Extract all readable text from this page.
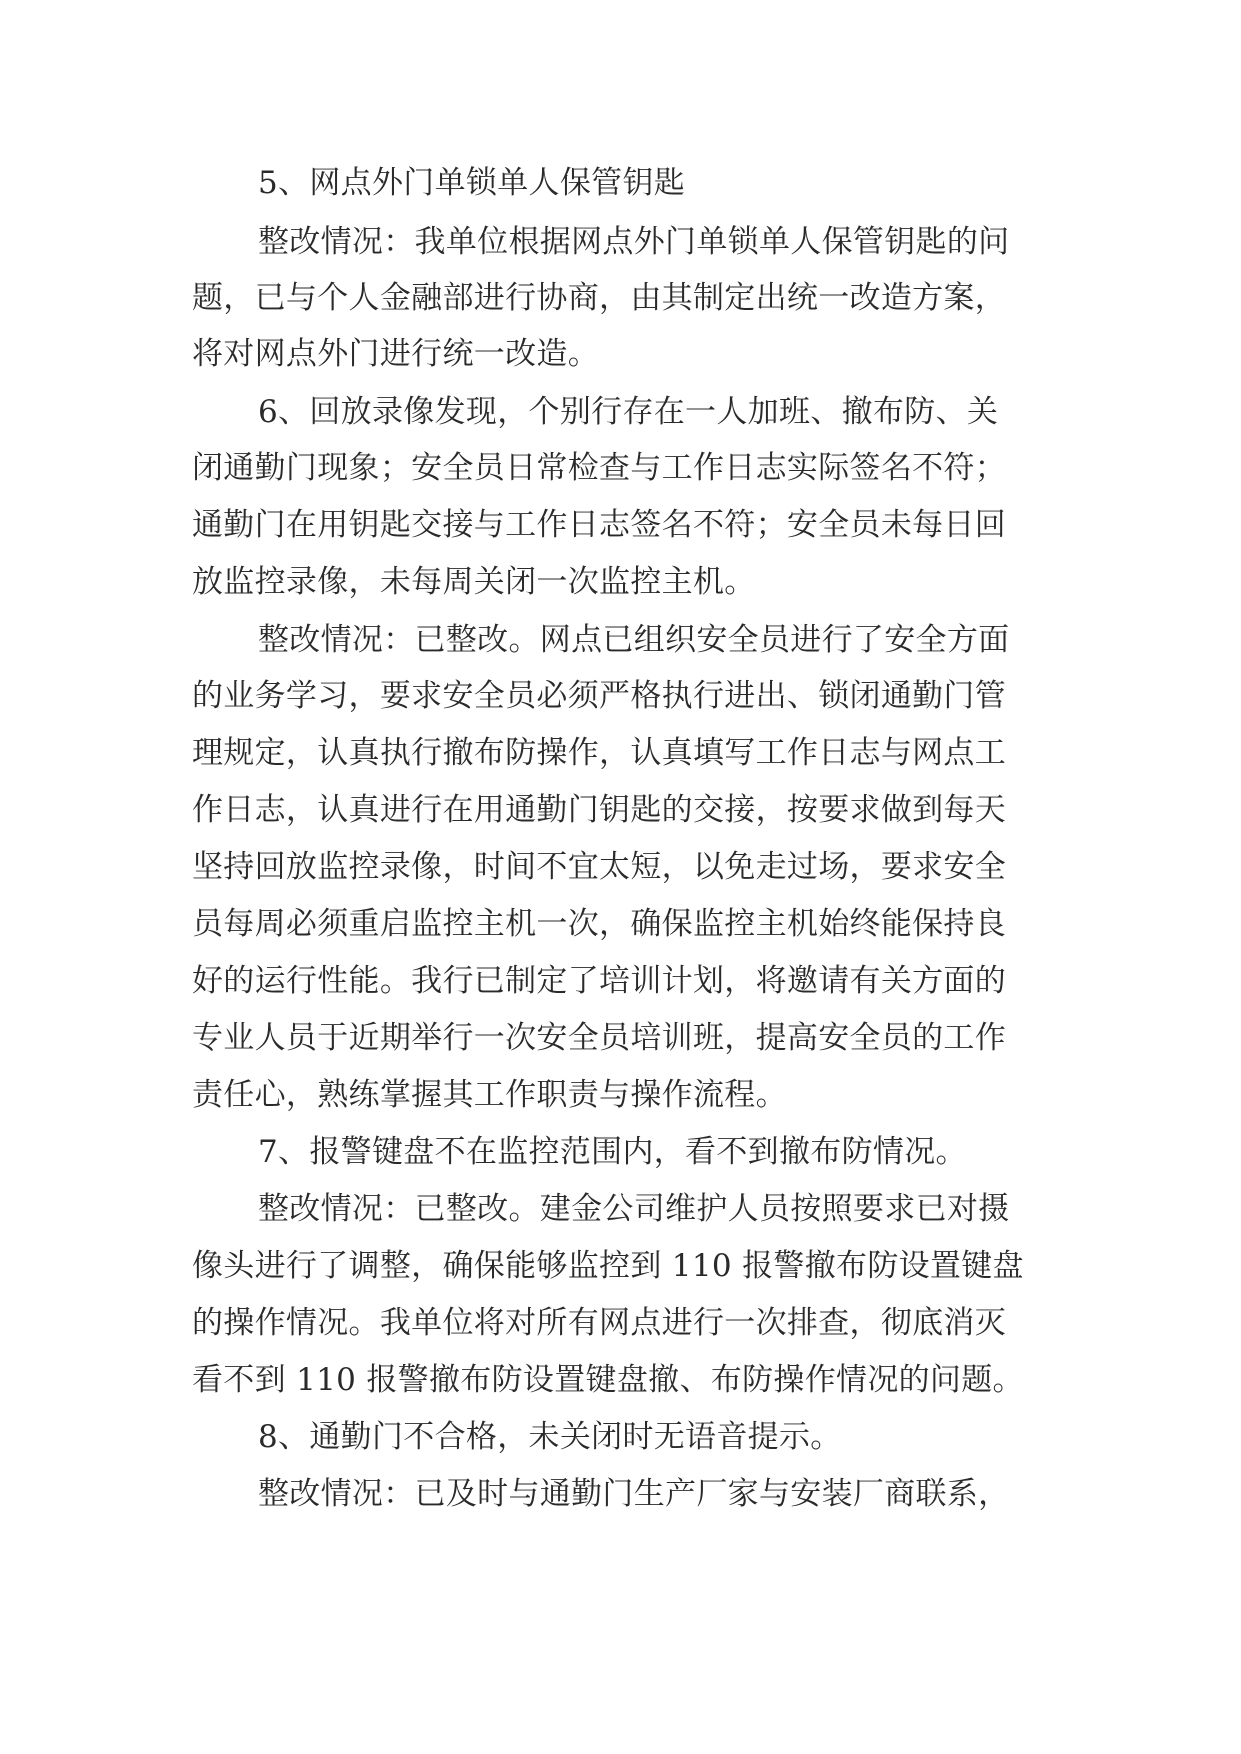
5、网点外门单锁单人保管钥匙
整改情况：我单位根据网点外门单锁单人保管钥匙的问
题，已与个人金融部进行协商，由其制定出统一改造方案，
将对网点外门进行统一改造。
6、回放录像发现，个别行存在一人加班、撤布防、关
闭通勤门现象；安全员日常检查与工作日志实际签名不符；
通勤门在用钥匙交接与工作日志签名不符；安全员未每日回
放监控录像，未每周关闭一次监控主机。
整改情况：已整改。网点已组织安全员进行了安全方面
的业务学习，要求安全员必须严格执行进出、锁闭通勤门管
理规定，认真执行撤布防操作，认真填写工作日志与网点工
作日志，认真进行在用通勤门钥匙的交接，按要求做到每天
坚持回放监控录像，时间不宜太短，以免走过场，要求安全
员每周必须重启监控主机一次，确保监控主机始终能保持良
好的运行性能。我行已制定了培训计划，将邀请有关方面的
专业人员于近期举行一次安全员培训班，提高安全员的工作
责任心，熟练掌握其工作职责与操作流程。
7、报警键盘不在监控范围内，看不到撤布防情况。
整改情况：已整改。建金公司维护人员按照要求已对摄
像头进行了调整，确保能够监控到 110 报警撤布防设置键盘
的操作情况。我单位将对所有网点进行一次排查，彻底消灭
看不到 110 报警撤布防设置键盘撤、布防操作情况的问题。
8、通勤门不合格，未关闭时无语音提示。
整改情况：已及时与通勤门生产厂家与安装厂商联系，
